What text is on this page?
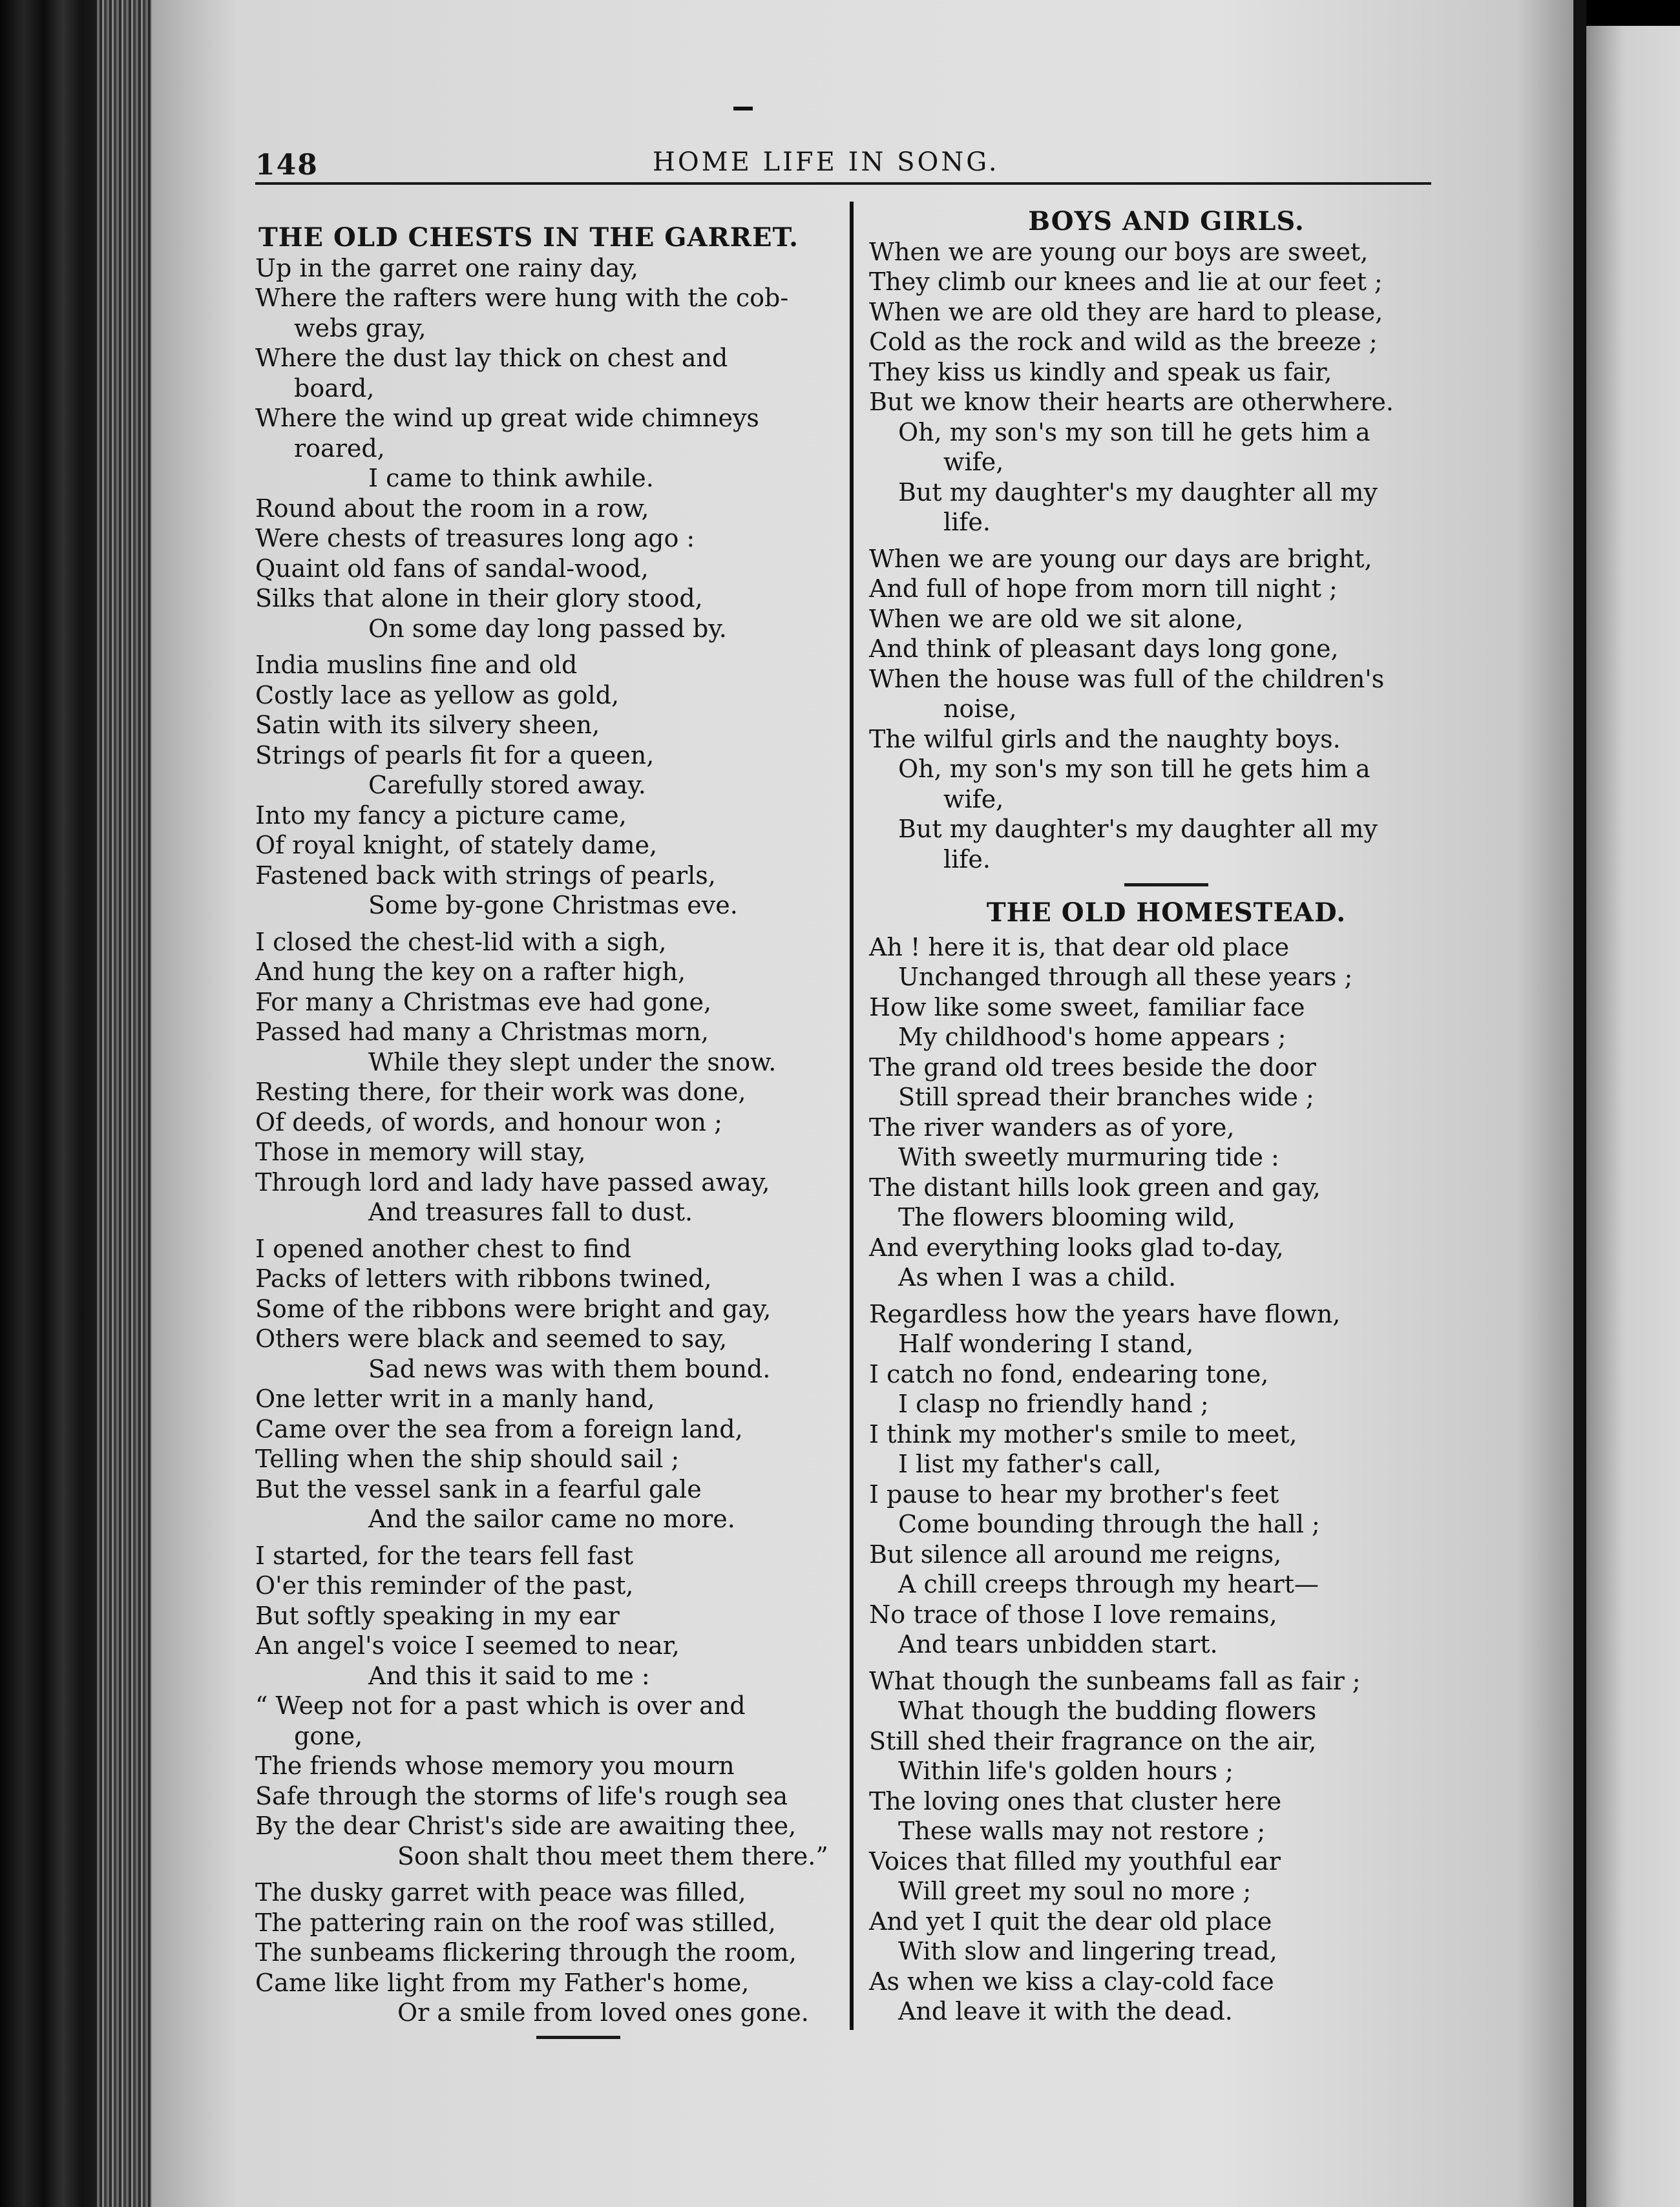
148	HOME LIFE IN SONG.
THE OLD CHESTS IN THE GARRET.
Up in the garret one rainy day,
Where the rafters were hung with the cob-
webs gray,
Where the dust lay thick on chest and
board,
Where the wind up great wide chimneys
roared,
I came to think awhile.
Round about the room in a row,
Were chests of treasures long ago :
Quaint old fans of sandal-wood,
Silks that alone in their glory stood,
On some day long passed by.
India muslins fine and old
Costly lace as yellow as gold,
Satin with its silvery sheen,
Strings of pearls fit for a queen,
Carefully stored away.
Into my fancy a picture came,
Of royal knight, of stately dame,
Fastened back with strings of pearls,
Some by-gone Christmas eve.
I closed the chest-lid with a sigh,
And hung the key on a rafter high,
For many a Christmas eve had gone,
Passed had many a Christmas morn,
While they slept under the snow.
Resting there, for their work was done,
Of deeds, of words, and honour won ;
Those in memory will stay,
Through lord and lady have passed away,
And treasures fall to dust.
I opened another chest to find
Packs of letters with ribbons twined,
Some of the ribbons were bright and gay,
Others were black and seemed to say,
Sad news was with them bound.
One letter writ in a manly hand,
Came over the sea from a foreign land,
Telling when the ship should sail ;
But the vessel sank in a fearful gale
And the sailor came no more.
I started, for the tears fell fast
O'er this reminder of the past,
But softly speaking in my ear
An angel's voice I seemed to near,
And this it said to me :
“ Weep not for a past which is over and
gone,
The friends whose memory you mourn
Safe through the storms of life's rough sea
By the dear Christ's side are awaiting thee,
Soon shalt thou meet them there.”
The dusky garret with peace was filled,
The pattering rain on the roof was stilled,
The sunbeams flickering through the room,
Came like light from my Father's home,
Or a smile from loved ones gone.
BOYS AND GIRLS.
When we are young our boys are sweet,
They climb our knees and lie at our feet ;
When we are old they are hard to please,
Cold as the rock and wild as the breeze ;
They kiss us kindly and speak us fair,
But we know their hearts are otherwhere.
Oh, my son's my son till he gets him a
wife,
But my daughter's my daughter all my
life.
When we are young our days are bright,
And full of hope from morn till night ;
When we are old we sit alone,
And think of pleasant days long gone,
When the house was full of the children's
noise,
The wilful girls and the naughty boys.
Oh, my son's my son till he gets him a
wife,
But my daughter's my daughter all my
life.
THE OLD HOMESTEAD.
Ah ! here it is, that dear old place
Unchanged through all these years ;
How like some sweet, familiar face
My childhood's home appears ;
The grand old trees beside the door
Still spread their branches wide ;
The river wanders as of yore,
With sweetly murmuring tide :
The distant hills look green and gay,
The flowers blooming wild,
And everything looks glad to-day,
As when I was a child.
Regardless how the years have flown,
Half wondering I stand,
I catch no fond, endearing tone,
I clasp no friendly hand ;
I think my mother's smile to meet,
I list my father's call,
I pause to hear my brother's feet
Come bounding through the hall ;
But silence all around me reigns,
A chill creeps through my heart—
No trace of those I love remains,
And tears unbidden start.
What though the sunbeams fall as fair ;
What though the budding flowers
Still shed their fragrance on the air,
Within life's golden hours ;
The loving ones that cluster here
These walls may not restore ;
Voices that filled my youthful ear
Will greet my soul no more ;
And yet I quit the dear old place
With slow and lingering tread,
As when we kiss a clay-cold face
And leave it with the dead.
